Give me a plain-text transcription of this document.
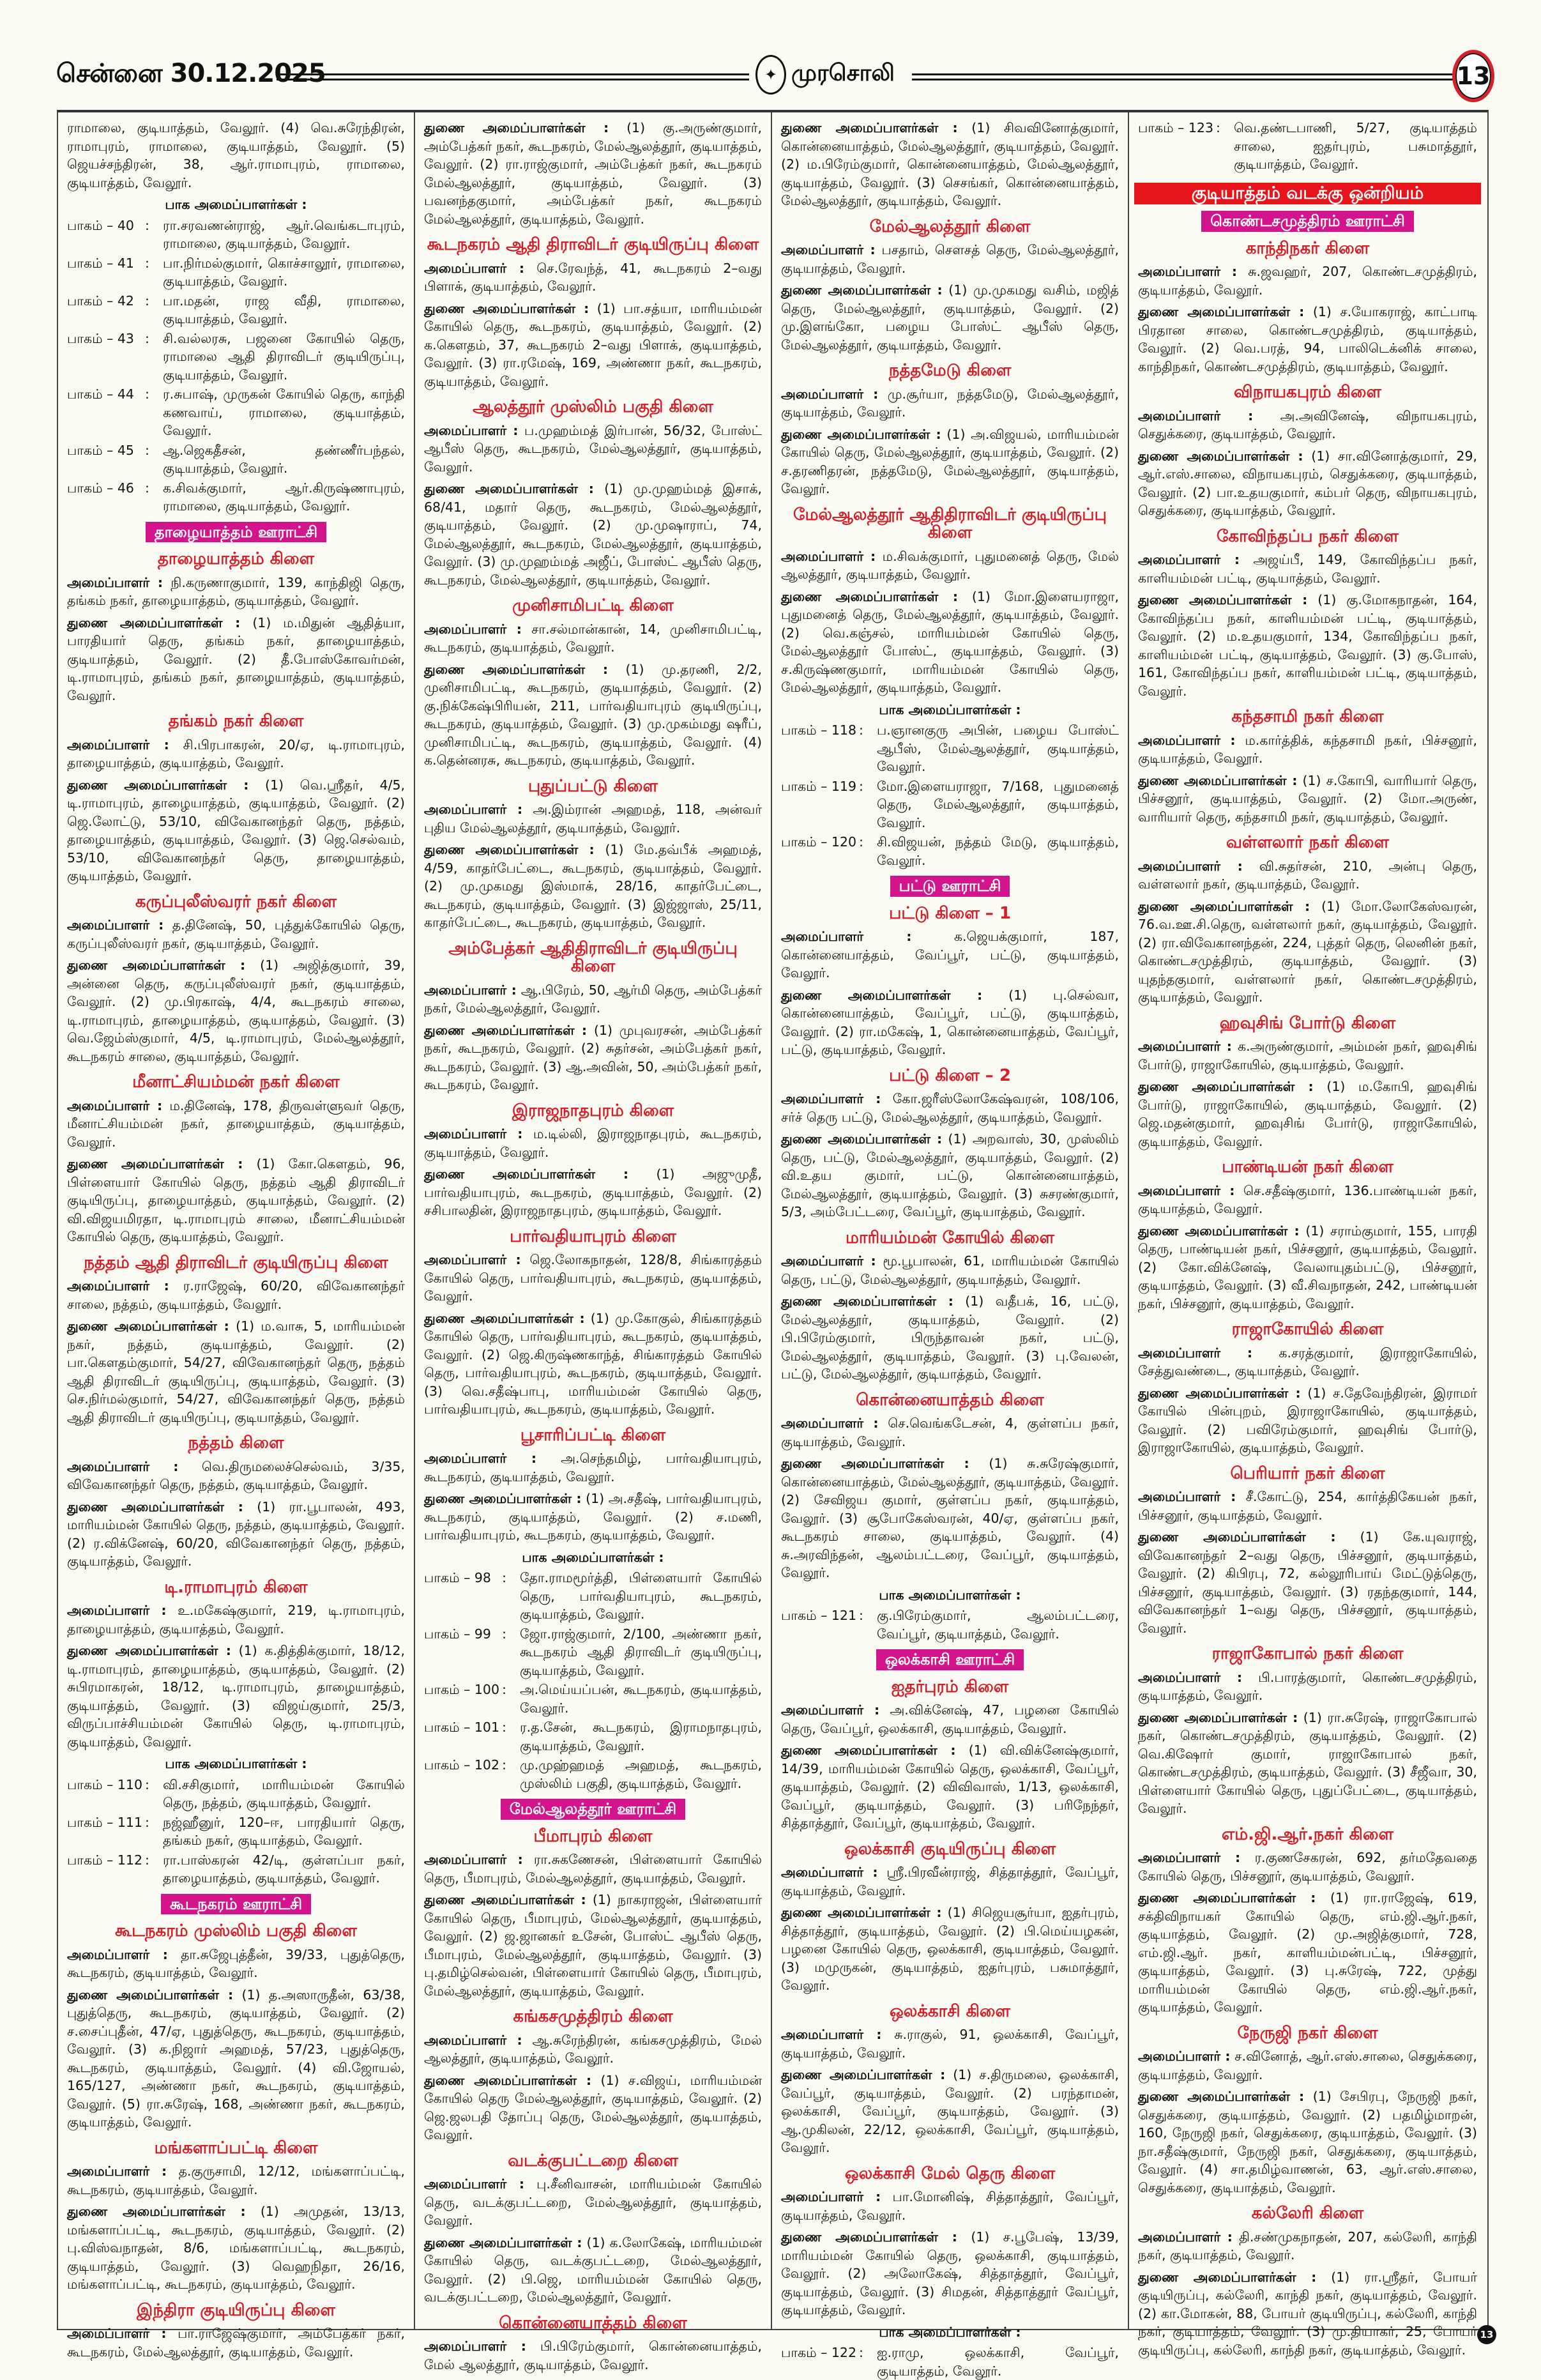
சென்னை 30.12.2025	✦ முரசொலி	13
ராமாலை, குடியாத்தம், வேலூர். (4) வெ.சுரேந்திரன், ராமாபுரம், ராமாலை, குடியாத்தம், வேலூர். (5) ஜெயச்சந்திரன், 38, ஆர்.ராமாபுரம், ராமாலை, குடியாத்தம், வேலூர்.
பாக அமைப்பாளர்கள் :
பாகம் – 40 :	ரா.சரவணன்ராஜ், ஆர்.வெங்கடாபுரம், ராமாலை, குடியாத்தம், வேலூர்.
பாகம் – 41 :	பா.நிர்மல்குமார், கொச்சாலூர், ராமாலை, குடியாத்தம், வேலூர்.
பாகம் – 42 :	பா.மதன், ராஜ வீதி, ராமாலை, குடியாத்தம், வேலூர்.
பாகம் – 43 :	சி.வல்லரசு, பஜனை கோயில் தெரு, ராமாலை ஆதி திராவிடர் குடியிருப்பு, குடியாத்தம், வேலூர்.
பாகம் – 44 :	ர.சுபாஷ், முருகன் கோயில் தெரு, காந்தி கணவாய், ராமாலை, குடியாத்தம், வேலூர்.
பாகம் – 45 :	ஆ.ஜெகதீசன், தண்ணீர்பந்தல், குடியாத்தம், வேலூர்.
பாகம் – 46 :	க.சிவக்குமார், ஆர்.கிருஷ்ணாபுரம், ராமாலை, குடியாத்தம், வேலூர்.
தாழையாத்தம் ஊராட்சி
தாழையாத்தம் கிளை
அமைப்பாளர் : நி.கருணாகுமார், 139, காந்திஜி தெரு, தங்கம் நகர், தாழையாத்தம், குடியாத்தம், வேலூர்.
துணை அமைப்பாளர்கள் : (1) ம.மிதுன் ஆதித்யா, பாரதியார் தெரு, தங்கம் நகர், தாழையாத்தம், குடியாத்தம், வேலூர். (2) தீ.போஸ்கோவர்மன், டி.ராமாபுரம், தங்கம் நகர், தாழையாத்தம், குடியாத்தம், வேலூர்.
தங்கம் நகர் கிளை
அமைப்பாளர் : சி.பிரபாகரன், 20/ஏ, டி.ராமாபுரம், தாழையாத்தம், குடியாத்தம், வேலூர்.
துணை அமைப்பாளர்கள் : (1) வெ.ஸ்ரீதர், 4/5, டி.ராமாபுரம், தாழையாத்தம், குடியாத்தம், வேலூர். (2) ஜெ.லோட்டு, 53/10, விவேகானந்தர் தெரு, நத்தம், தாழையாத்தம், குடியாத்தம், வேலூர். (3) ஜெ.செல்வம், 53/10, விவேகானந்தர் தெரு, தாழையாத்தம், குடியாத்தம், வேலூர்.
கருப்புலீஸ்வரர் நகர் கிளை
அமைப்பாளர் : த.தினேஷ், 50, புத்துக்கோயில் தெரு, கருப்புலீஸ்வரர் நகர், குடியாத்தம், வேலூர்.
துணை அமைப்பாளர்கள் : (1) அஜித்குமார், 39, அன்னை தெரு, கருப்புலீஸ்வரர் நகர், குடியாத்தம், வேலூர். (2) மு.பிரகாஷ், 4/4, கூடநகரம் சாலை, டி.ராமாபுரம், தாழையாத்தம், குடியாத்தம், வேலூர். (3) வெ.ஜேம்ஸ்குமார், 4/5, டி.ராமாபுரம், மேல்ஆலத்தூர், கூடநகரம் சாலை, குடியாத்தம், வேலூர்.
மீனாட்சியம்மன் நகர் கிளை
அமைப்பாளர் : ம.தினேஷ், 178, திருவள்ளுவர் தெரு, மீனாட்சியம்மன் நகர், தாழையாத்தம், குடியாத்தம், வேலூர்.
துணை அமைப்பாளர்கள் : (1) கோ.கௌதம், 96, பிள்ளையார் கோயில் தெரு, நத்தம் ஆதி திராவிடர் குடியிருப்பு, தாழையாத்தம், குடியாத்தம், வேலூர். (2) வி.விஜயமிரதா, டி.ராமாபுரம் சாலை, மீனாட்சியம்மன் கோயில் தெரு, குடியாத்தம், வேலூர்.
நத்தம் ஆதி திராவிடர் குடியிருப்பு கிளை
அமைப்பாளர் : ர.ராஜேஷ், 60/20, விவேகானந்தர் சாலை, நத்தம், குடியாத்தம், வேலூர்.
துணை அமைப்பாளர்கள் : (1) ம.வாசு, 5, மாரியம்மன் நகர், நத்தம், குடியாத்தம், வேலூர். (2) பா.கௌதம்குமார், 54/27, விவேகானந்தர் தெரு, நத்தம் ஆதி திராவிடர் குடியிருப்பு, குடியாத்தம், வேலூர். (3) செ.நிர்மல்குமார், 54/27, விவேகானந்தர் தெரு, நத்தம் ஆதி திராவிடர் குடியிருப்பு, குடியாத்தம், வேலூர்.
நத்தம் கிளை
அமைப்பாளர் : வெ.திருமலைச்செல்வம், 3/35, விவேகானந்தர் தெரு, நத்தம், குடியாத்தம், வேலூர்.
துணை அமைப்பாளர்கள் : (1) ரா.பூபாலன், 493, மாரியம்மன் கோயில் தெரு, நத்தம், குடியாத்தம், வேலூர். (2) ர.விக்னேஷ், 60/20, விவேகானந்தர் தெரு, நத்தம், குடியாத்தம், வேலூர்.
டி.ராமாபுரம் கிளை
அமைப்பாளர் : உ.மகேஷ்குமார், 219, டி.ராமாபுரம், தாழையாத்தம், குடியாத்தம், வேலூர்.
துணை அமைப்பாளர்கள் : (1) க.தித்திக்குமார், 18/12, டி.ராமாபுரம், தாழையாத்தம், குடியாத்தம், வேலூர். (2) சுபிரமாகரன், 18/12, டி.ராமாபுரம், தாழையாத்தம், குடியாத்தம், வேலூர். (3) விஜய்குமார், 25/3, விருப்பாச்சியம்மன் கோயில் தெரு, டி.ராமாபுரம், குடியாத்தம், வேலூர்.
பாக அமைப்பாளர்கள் :
பாகம் – 110 :	வி.சசிகுமார், மாரியம்மன் கோயில் தெரு, நத்தம், குடியாத்தம், வேலூர்.
பாகம் – 111 :	நஜ்ஹீனுர், 120–ஈ, பாரதியார் தெரு, தங்கம் நகர், குடியாத்தம், வேலூர்.
பாகம் – 112 :	ரா.பாஸ்கரன் 42/டி, குள்ளப்பா நகர், தாழையாத்தம், குடியாத்தம், வேலூர்.
கூடநகரம் ஊராட்சி
கூடநகரம் முஸ்லிம் பகுதி கிளை
அமைப்பாளர் : தா.சுஜேபுத்தீன், 39/33, புதுத்தெரு, கூடநகரம், குடியாத்தம், வேலூர்.
துணை அமைப்பாளர்கள் : (1) த.அஸாருதீன், 63/38, புதுத்தெரு, கூடநகரம், குடியாத்தம், வேலூர். (2) ச.சைப்புதீன், 47/ஏ, புதுத்தெரு, கூடநகரம், குடியாத்தம், வேலூர். (3) க.நிஜார் அஹமத், 57/23, புதுத்தெரு, கூடநகரம், குடியாத்தம், வேலூர். (4) வி.ஜோயல், 165/127, அண்ணா நகர், கூடநகரம், குடியாத்தம், வேலூர். (5) ரா.சுரேஷ், 168, அண்ணா நகர், கூடநகரம், குடியாத்தம், வேலூர்.
மங்களாப்பட்டி கிளை
அமைப்பாளர் : த.குருசாமி, 12/12, மங்களாப்பட்டி, கூடநகரம், குடியாத்தம், வேலூர்.
துணை அமைப்பாளர்கள் : (1) அமுதன், 13/13, மங்களாப்பட்டி, கூடநகரம், குடியாத்தம், வேலூர். (2) பு.விஸ்வநாதன், 8/6, மங்களாப்பட்டி, கூடநகரம், குடியாத்தம், வேலூர். (3) வெஹநிதா, 26/16, மங்களாப்பட்டி, கூடநகரம், குடியாத்தம், வேலூர்.
இந்திரா குடியிருப்பு கிளை
அமைப்பாளர் : பா.ராஜேஷ்குமார், அம்பேத்கர் நகர், கூடநகரம், மேல்ஆலத்தூர், குடியாத்தம், வேலூர்.
துணை அமைப்பாளர்கள் : (1) கு.அருண்குமார், அம்பேத்கர் நகர், கூடநகரம், மேல்ஆலத்தூர், குடியாத்தம், வேலூர். (2) ரா.ராஜ்குமார், அம்பேத்கர் நகர், கூடநகரம் மேல்ஆலத்தூர், குடியாத்தம், வேலூர். (3) பவனந்தகுமார், அம்பேத்கர் நகர், கூடநகரம் மேல்ஆலத்தூர், குடியாத்தம், வேலூர்.
கூடநகரம் ஆதி திராவிடர் குடியிருப்பு கிளை
அமைப்பாளர் : செ.ரேவந்த், 41, கூடநகரம் 2–வது பிளாக், குடியாத்தம், வேலூர்.
துணை அமைப்பாளர்கள் : (1) பா.சத்யா, மாரியம்மன் கோயில் தெரு, கூடநகரம், குடியாத்தம், வேலூர். (2) க.கௌதம், 37, கூடநகரம் 2–வது பிளாக், குடியாத்தம், வேலூர். (3) ரா.ரமேஷ், 169, அண்ணா நகர், கூடநகரம், குடியாத்தம், வேலூர்.
ஆலத்தூர் முஸ்லிம் பகுதி கிளை
அமைப்பாளர் : ப.முஹம்மத் இர்பான், 56/32, போஸ்ட் ஆபீஸ் தெரு, கூடநகரம், மேல்ஆலத்தூர், குடியாத்தம், வேலூர்.
துணை அமைப்பாளர்கள் : (1) மு.முஹம்மத் இசாக், 68/41, மதார் தெரு, கூடநகரம், மேல்ஆலத்தூர், குடியாத்தம், வேலூர். (2) மு.முஷாராப், 74, மேல்ஆலத்தூர், கூடநகரம், மேல்ஆலத்தூர், குடியாத்தம், வேலூர். (3) மு.முஹம்மத் அஜீப், போஸ்ட் ஆபீஸ் தெரு, கூடநகரம், மேல்ஆலத்தூர், குடியாத்தம், வேலூர்.
முனிசாமிபட்டி கிளை
அமைப்பாளர் : சா.சல்மான்கான், 14, முனிசாமிபட்டி, கூடநகரம், குடியாத்தம், வேலூர்.
துணை அமைப்பாளர்கள் : (1) மு.தரணி, 2/2, முனிசாமிபட்டி, கூடநகரம், குடியாத்தம், வேலூர். (2) கு.நிக்கேஷ்பிரியன், 211, பார்வதியாபுரம் குடியிருப்பு, கூடநகரம், குடியாத்தம், வேலூர். (3) மு.முகம்மது ஷரீப், முனிசாமிபட்டி, கூடநகரம், குடியாத்தம், வேலூர். (4) க.தென்னரசு, கூடநகரம், குடியாத்தம், வேலூர்.
புதுப்பட்டு கிளை
அமைப்பாளர் : அ.இம்ரான் அஹமத், 118, அன்வர் புதிய மேல்ஆலத்தூர், குடியாத்தம், வேலூர்.
துணை அமைப்பாளர்கள் : (1) மே.தவ்பீக் அஹமத், 4/59, காதர்பேட்டை, கூடநகரம், குடியாத்தம், வேலூர். (2) மு.முகமது இஸ்மாக், 28/16, காதர்பேட்டை, கூடநகரம், குடியாத்தம், வேலூர். (3) இஜ்ஜாஸ், 25/11, காதர்பேட்டை, கூடநகரம், குடியாத்தம், வேலூர்.
அம்பேத்கர் ஆதிதிராவிடர் குடியிருப்பு கிளை
அமைப்பாளர் : ஆ.பிரேம், 50, ஆர்மி தெரு, அம்பேத்கர் நகர், மேல்ஆலத்தூர், வேலூர்.
துணை அமைப்பாளர்கள் : (1) முபுவரசன், அம்பேத்கர் நகர், கூடநகரம், வேலூர். (2) சுதர்சன், அம்பேத்கர் நகர், கூடநகரம், வேலூர். (3) ஆ.அவின், 50, அம்பேத்கர் நகர், கூடநகரம், வேலூர்.
இராஜநாதபுரம் கிளை
அமைப்பாளர் : ம.டில்லி, இராஜநாதபுரம், கூடநகரம், குடியாத்தம், வேலூர்.
துணை அமைப்பாளர்கள் : (1) அஜுமுதீ, பார்வதியாபுரம், கூடநகரம், குடியாத்தம், வேலூர். (2) சசிபாலதின், இராஜநாதபுரம், குடியாத்தம், வேலூர்.
பார்வதியாபுரம் கிளை
அமைப்பாளர் : ஜெ.லோகநாதன், 128/8, சிங்காரத்தம் கோயில் தெரு, பார்வதியாபுரம், கூடநகரம், குடியாத்தம், வேலூர்.
துணை அமைப்பாளர்கள் : (1) மு.கோகுல், சிங்காரத்தம் கோயில் தெரு, பார்வதியாபுரம், கூடநகரம், குடியாத்தம், வேலூர். (2) ஜெ.கிருஷ்ணகாந்த், சிங்காரத்தம் கோயில் தெரு, பார்வதியாபுரம், கூடநகரம், குடியாத்தம், வேலூர். (3) வெ.சதீஷ்பாபு, மாரியம்மன் கோயில் தெரு, பார்வதியாபுரம், கூடநகரம், குடியாத்தம், வேலூர்.
பூசாரிப்பட்டி கிளை
அமைப்பாளர் : அ.செந்தமிழ், பார்வதியாபுரம், கூடநகரம், குடியாத்தம், வேலூர்.
துணை அமைப்பாளர்கள் : (1) அ.சதீஷ், பார்வதியாபுரம், கூடநகரம், குடியாத்தம், வேலூர். (2) ச.மணி, பார்வதியாபுரம், கூடநகரம், குடியாத்தம், வேலூர்.
பாக அமைப்பாளர்கள் :
பாகம் – 98 :	தோ.ராமமூர்த்தி, பிள்ளையார் கோயில் தெரு, பார்வதியாபுரம், கூடநகரம், குடியாத்தம், வேலூர்.
பாகம் – 99 :	ஜோ.ராஜ்குமார், 2/100, அண்ணா நகர், கூடநகரம் ஆதி திராவிடர் குடியிருப்பு, குடியாத்தம், வேலூர்.
பாகம் – 100 :	அ.மெய்யப்பன், கூடநகரம், குடியாத்தம், வேலூர்.
பாகம் – 101 :	ர.த.சேன், கூடநகரம், இராமநாதபுரம், குடியாத்தம், வேலூர்.
பாகம் – 102 :	மு.முஹ்ஹமத் அஹமத், கூடநகரம், முஸ்லிம் பகுதி, குடியாத்தம், வேலூர்.
மேல்ஆலத்தூர் ஊராட்சி
பீமாபுரம் கிளை
அமைப்பாளர் : ரா.சுகணேசன், பிள்ளையார் கோயில் தெரு, பீமாபுரம், மேல்ஆலத்தூர், குடியாத்தம், வேலூர்.
துணை அமைப்பாளர்கள் : (1) நாகராஜன், பிள்ளையார் கோயில் தெரு, பீமாபுரம், மேல்ஆலத்தூர், குடியாத்தம், வேலூர். (2) ஜ.ஜானகர் உசேன், போஸ்ட் ஆபீஸ் தெரு, பீமாபுரம், மேல்ஆலத்தூர், குடியாத்தம், வேலூர். (3) பு.தமிழ்செல்வன், பிள்ளையார் கோயில் தெரு, பீமாபுரம், மேல்ஆலத்தூர், குடியாத்தம், வேலூர்.
கங்கசமுத்திரம் கிளை
அமைப்பாளர் : ஆ.சுரேந்திரன், கங்கசமுத்திரம், மேல் ஆலத்தூர், குடியாத்தம், வேலூர்.
துணை அமைப்பாளர்கள் : (1) ச.விஜய், மாரியம்மன் கோயில் தெரு மேல்ஆலத்தூர், குடியாத்தம், வேலூர். (2) ஜெ.ஜலபதி தோப்பு தெரு, மேல்ஆலத்தூர், குடியாத்தம், வேலூர்.
வடக்குபட்டறை கிளை
அமைப்பாளர் : பு.சீனிவாசன், மாரியம்மன் கோயில் தெரு, வடக்குபட்டறை, மேல்ஆலத்தூர், குடியாத்தம், வேலூர்.
துணை அமைப்பாளர்கள் : (1) க.லோகேஷ், மாரியம்மன் கோயில் தெரு, வடக்குபட்டறை, மேல்ஆலத்தூர், வேலூர். (2) பி.ஜெ, மாரியம்மன் கோயில் தெரு, வடக்குபட்டறை, மேல்ஆலத்தூர், வேலூர்.
கொன்னையாத்தம் கிளை
அமைப்பாளர் : பி.பிரேம்குமார், கொன்னையாத்தம், மேல் ஆலத்தூர், குடியாத்தம், வேலூர்.
துணை அமைப்பாளர்கள் : (1) சிவவினோத்குமார், கொன்னையாத்தம், மேல்ஆலத்தூர், குடியாத்தம், வேலூர். (2) ம.பிரேம்குமார், கொன்னையாத்தம், மேல்ஆலத்தூர், குடியாத்தம், வேலூர். (3) செசங்கர், கொன்னையாத்தம், மேல்ஆலத்தூர், குடியாத்தம், வேலூர்.
மேல்ஆலத்தூர் கிளை
அமைப்பாளர் : பசதாம், சௌசத் தெரு, மேல்ஆலத்தூர், குடியாத்தம், வேலூர்.
துணை அமைப்பாளர்கள் : (1) மு.முகமது வசிம், மஜித் தெரு, மேல்ஆலத்தூர், குடியாத்தம், வேலூர். (2) மு.இளங்கோ, பழைய போஸ்ட் ஆபீஸ் தெரு, மேல்ஆலத்தூர், குடியாத்தம், வேலூர்.
நத்தமேடு கிளை
அமைப்பாளர் : மு.சூர்யா, நத்தமேடு, மேல்ஆலத்தூர், குடியாத்தம், வேலூர்.
துணை அமைப்பாளர்கள் : (1) அ.விஜயல், மாரியம்மன் கோயில் தெரு, மேல்ஆலத்தூர், குடியாத்தம், வேலூர். (2) ச.தரணிதரன், நத்தமேடு, மேல்ஆலத்தூர், குடியாத்தம், வேலூர்.
மேல்ஆலத்தூர் ஆதிதிராவிடர் குடியிருப்பு கிளை
அமைப்பாளர் : ம.சிவக்குமார், புதுமனைத் தெரு, மேல் ஆலத்தூர், குடியாத்தம், வேலூர்.
துணை அமைப்பாளர்கள் : (1) மோ.இளையராஜா, புதுமனைத் தெரு, மேல்ஆலத்தூர், குடியாத்தம், வேலூர். (2) வெ.கஞ்சல், மாரியம்மன் கோயில் தெரு, மேல்ஆலத்தூர் போஸ்ட், குடியாத்தம், வேலூர். (3) ச.கிருஷ்ணகுமார், மாரியம்மன் கோயில் தெரு, மேல்ஆலத்தூர், குடியாத்தம், வேலூர்.
பாக அமைப்பாளர்கள் :
பாகம் – 118 :	ப.ஞானகுரு அபின், பழைய போஸ்ட் ஆபீஸ், மேல்ஆலத்தூர், குடியாத்தம், வேலூர்.
பாகம் – 119 :	மோ.இளையராஜா, 7/168, புதுமனைத் தெரு, மேல்ஆலத்தூர், குடியாத்தம், வேலூர்.
பாகம் – 120 :	சி.விஜயன், நத்தம் மேடு, குடியாத்தம், வேலூர்.
பட்டு ஊராட்சி
பட்டு கிளை – 1
அமைப்பாளர் :	க.ஜெயக்குமார், 187, கொன்னையாத்தம், வேப்பூர், பட்டு, குடியாத்தம், வேலூர்.
துணை அமைப்பாளர்கள் : (1) பு.செல்வா, கொன்னையாத்தம், வேப்பூர், பட்டு, குடியாத்தம், வேலூர். (2) ரா.மகேஷ், 1, கொன்னையாத்தம், வேப்பூர், பட்டு, குடியாத்தம், வேலூர்.
பட்டு கிளை – 2
அமைப்பாளர் : கோ.ஜரீஸ்லோகேஷ்வரன், 108/106, சர்ச் தெரு பட்டு, மேல்ஆலத்தூர், குடியாத்தம், வேலூர்.
துணை அமைப்பாளர்கள் : (1) அறவாஸ், 30, முஸ்லிம் தெரு, பட்டு, மேல்ஆலத்தூர், குடியாத்தம், வேலூர். (2) வி.உதய குமார், பட்டு, கொன்னையாத்தம், மேல்ஆலத்தூர், குடியாத்தம், வேலூர். (3) சுசரண்குமார், 5/3, அம்பேட்டரை, வேப்பூர், குடியாத்தம், வேலூர்.
மாரியம்மன் கோயில் கிளை
அமைப்பாளர் : மூ.பூபாலன், 61, மாரியம்மன் கோயில் தெரு, பட்டு, மேல்ஆலத்தூர், குடியாத்தம், வேலூர்.
துணை அமைப்பாளர்கள் : (1) வதீபக், 16, பட்டு, மேல்ஆலத்தூர், குடியாத்தம், வேலூர். (2) பி.பிரேம்குமார், பிருந்தாவன் நகர், பட்டு, மேல்ஆலத்தூர், குடியாத்தம், வேலூர். (3) பு.வேலன், பட்டு, மேல்ஆலத்தூர், குடியாத்தம், வேலூர்.
கொன்னையாத்தம் கிளை
அமைப்பாளர் : செ.வெங்கடேசன், 4, குள்ளப்ப நகர், குடியாத்தம், வேலூர்.
துணை அமைப்பாளர்கள் : (1) சு.சுரேஷ்குமார், கொன்னையாத்தம், மேல்ஆலத்தூர், குடியாத்தம், வேலூர். (2) சேவிஜய குமார், குள்ளப்ப நகர், குடியாத்தம், வேலூர். (3) சூபோகேஸ்வரன், 40/ஏ, குள்ளப்ப நகர், கூடநகரம் சாலை, குடியாத்தம், வேலூர். (4) சு.அரவிந்தன், ஆலம்பட்டரை, வேப்பூர், குடியாத்தம், வேலூர்.
பாக அமைப்பாளர்கள் :
பாகம் – 121 :	கு.பிரேம்குமார், ஆலம்பட்டரை, வேப்பூர், குடியாத்தம், வேலூர்.
ஒலக்காசி ஊராட்சி
ஐதர்புரம் கிளை
அமைப்பாளர் : அ.விக்னேஷ், 47, பழனை கோயில் தெரு, வேப்பூர், ஒலக்காசி, குடியாத்தம், வேலூர்.
துணை அமைப்பாளர்கள் : (1) வி.விக்னேஷ்குமார், 14/39, மாரியம்மன் கோயில் தெரு, ஒலக்காசி, வேப்பூர், குடியாத்தம், வேலூர். (2) விவிவாஸ், 1/13, ஒலக்காசி, வேப்பூர், குடியாத்தம், வேலூர். (3) பரிநேந்தர், சித்தாத்தூர், வேப்பூர், குடியாத்தம், வேலூர்.
ஒலக்காசி குடியிருப்பு கிளை
அமைப்பாளர் : ஸ்ரீ.பிரவீன்ராஜ், சித்தாத்தூர், வேப்பூர், குடியாத்தம், வேலூர்.
துணை அமைப்பாளர்கள் : (1) சிஜெயசூர்யா, ஐதர்புரம், சித்தாத்தூர், குடியாத்தம், வேலூர். (2) பி.மெய்யழகன், பழனை கோயில் தெரு, ஒலக்காசி, குடியாத்தம், வேலூர். (3) மமுருகன், குடியாத்தம், ஐதர்புரம், பசுமாத்தூர், வேலூர்.
ஒலக்காசி கிளை
அமைப்பாளர் : சு.ராகுல், 91, ஒலக்காசி, வேப்பூர், குடியாத்தம், வேலூர்.
துணை அமைப்பாளர்கள் : (1) ச.திருமலை, ஒலக்காசி, வேப்பூர், குடியாத்தம், வேலூர். (2) பரந்தாமன், ஒலக்காசி, வேப்பூர், குடியாத்தம், வேலூர். (3) ஆ.முகிலன், 22/12, ஒலக்காசி, வேப்பூர், குடியாத்தம், வேலூர்.
ஒலக்காசி மேல் தெரு கிளை
அமைப்பாளர் : பா.மோனிஷ், சித்தாத்தூர், வேப்பூர், குடியாத்தம், வேலூர்.
துணை அமைப்பாளர்கள் : (1) ச.பூபேஷ், 13/39, மாரியம்மன் கோயில் தெரு, ஒலக்காசி, குடியாத்தம், வேலூர். (2) அலோகேஷ், சித்தாத்தூர், வேப்பூர், குடியாத்தம், வேலூர். (3) சிமதன், சித்தாத்தூர் வேப்பூர், குடியாத்தம், வேலூர்.
பாக அமைப்பாளர்கள் :
பாகம் – 122 :	ஐ.ராமு, ஒலக்காசி, வேப்பூர், குடியாத்தம், வேலூர்.
பாகம் – 123 :	வெ.தண்டபாணி, 5/27, குடியாத்தம் சாலை, ஐதர்புரம், பசுமாத்தூர், குடியாத்தம், வேலூர்.
குடியாத்தம் வடக்கு ஒன்றியம்
கொண்டசமுத்திரம் ஊராட்சி
காந்திநகர் கிளை
அமைப்பாளர் : சு.ஜவஹர், 207, கொண்டசமுத்திரம், குடியாத்தம், வேலூர்.
துணை அமைப்பாளர்கள் : (1) ச.யோகராஜ், காட்பாடி பிரதான சாலை, கொண்டசமுத்திரம், குடியாத்தம், வேலூர். (2) வெ.பரத், 94, பாலிடெக்னிக் சாலை, காந்திநகர், கொண்டசமுத்திரம், குடியாத்தம், வேலூர்.
விநாயகபுரம் கிளை
அமைப்பாளர் : அ.அவினேஷ், விநாயகபுரம், செதுக்கரை, குடியாத்தம், வேலூர்.
துணை அமைப்பாளர்கள் : (1) சா.வினோத்குமார், 29, ஆர்.எஸ்.சாலை, விநாயகபுரம், செதுக்கரை, குடியாத்தம், வேலூர். (2) பா.உதயகுமார், கம்பர் தெரு, விநாயகபுரம், செதுக்கரை, குடியாத்தம், வேலூர்.
கோவிந்தப்ப நகர் கிளை
அமைப்பாளர் : அஜய்பீ, 149, கோவிந்தப்ப நகர், காளியம்மன் பட்டி, குடியாத்தம், வேலூர்.
துணை அமைப்பாளர்கள் : (1) கு.மோகநாதன், 164, கோவிந்தப்ப நகர், காளியம்மன் பட்டி, குடியாத்தம், வேலூர். (2) ம.உதயகுமார், 134, கோவிந்தப்ப நகர், காளியம்மன் பட்டி, குடியாத்தம், வேலூர். (3) கு.போஸ், 161, கோவிந்தப்ப நகர், காளியம்மன் பட்டி, குடியாத்தம், வேலூர்.
கந்தசாமி நகர் கிளை
அமைப்பாளர் : ம.கார்த்திக், கந்தசாமி நகர், பிச்சனூர், குடியாத்தம், வேலூர்.
துணை அமைப்பாளர்கள் : (1) ச.கோபி, வாரியார் தெரு, பிச்சனூர், குடியாத்தம், வேலூர். (2) மோ.அருண், வாரியார் தெரு, கந்தசாமி நகர், குடியாத்தம், வேலூர்.
வள்ளலார் நகர் கிளை
அமைப்பாளர் : வி.சுதர்சன், 210, அன்பு தெரு, வள்ளலார் நகர், குடியாத்தம், வேலூர்.
துணை அமைப்பாளர்கள் : (1) மோ.லோகேஸ்வரன், 76.வ.ஊ.சி.தெரு, வள்ளலார் நகர், குடியாத்தம், வேலூர். (2) ரா.விவேகானந்தன், 224, புத்தர் தெரு, லெனின் நகர், கொண்டசமுத்திரம், குடியாத்தம், வேலூர். (3) யுதந்தகுமார், வள்ளலார் நகர், கொண்டசமுத்திரம், குடியாத்தம், வேலூர்.
ஹவுசிங் போர்டு கிளை
அமைப்பாளர் : க.அருண்குமார், அம்மன் நகர், ஹவுசிங் போர்டு, ராஜாகோயில், குடியாத்தம், வேலூர்.
துணை அமைப்பாளர்கள் : (1) ம.கோபி, ஹவுசிங் போர்டு, ராஜாகோயில், குடியாத்தம், வேலூர். (2) ஜெ.மதன்குமார், ஹவுசிங் போர்டு, ராஜாகோயில், குடியாத்தம், வேலூர்.
பாண்டியன் நகர் கிளை
அமைப்பாளர் : செ.சதீஷ்குமார், 136.பாண்டியன் நகர், குடியாத்தம், வேலூர்.
துணை அமைப்பாளர்கள் : (1) சராம்குமார், 155, பாரதி தெரு, பாண்டியன் நகர், பிச்சனூர், குடியாத்தம், வேலூர். (2) கோ.விக்னேஷ், வேலாயுதம்பட்டு, பிச்சனூர், குடியாத்தம், வேலூர். (3) வீ.சிவநாதன், 242, பாண்டியன் நகர், பிச்சனூர், குடியாத்தம், வேலூர்.
ராஜாகோயில் கிளை
அமைப்பாளர் : க.சரத்குமார், இராஜாகோயில், சேத்துவண்டை, குடியாத்தம், வேலூர்.
துணை அமைப்பாளர்கள் : (1) ச.தேவேந்திரன், இராமர் கோயில் பின்புறம், இராஜாகோயில், குடியாத்தம், வேலூர். (2) பவிரேம்குமார், ஹவுசிங் போர்டு, இராஜாகோயில், குடியாத்தம், வேலூர்.
பெரியார் நகர் கிளை
அமைப்பாளர் : சீ.கோட்டு, 254, கார்த்திகேயன் நகர், பிச்சனூர், குடியாத்தம், வேலூர்.
துணை அமைப்பாளர்கள் : (1) கே.யுவராஜ், விவேகானந்தர் 2–வது தெரு, பிச்சனூர், குடியாத்தம், வேலூர். (2) கிபிரபு, 72, கல்லூரிபாய் மேட்டுத்தெரு, பிச்சனூர், குடியாத்தம், வேலூர். (3) ரதந்தகுமார், 144, விவேகானந்தர் 1–வது தெரு, பிச்சனூர், குடியாத்தம், வேலூர்.
ராஜாகோபால் நகர் கிளை
அமைப்பாளர் : பி.பாரத்குமார், கொண்டசமுத்திரம், குடியாத்தம், வேலூர்.
துணை அமைப்பாளர்கள் : (1) ரா.சுரேஷ், ராஜாகோபால் நகர், கொண்டசமுத்திரம், குடியாத்தம், வேலூர். (2) வெ.கிஷோர் குமார், ராஜாகோபால் நகர், கொண்டசமுத்திரம், குடியாத்தம், வேலூர். (3) சீஜீவா, 30, பிள்ளையார் கோயில் தெரு, புதுப்பேட்டை, குடியாத்தம், வேலூர்.
எம்.ஜி.ஆர்.நகர் கிளை
அமைப்பாளர் : ர.குணசேகரன், 692, தர்மதேவதை கோயில் தெரு, பிச்சனூர், குடியாத்தம், வேலூர்.
துணை அமைப்பாளர்கள் : (1) ரா.ராஜேஷ், 619, சக்திவிநாயகர் கோயில் தெரு, எம்.ஜி.ஆர்.நகர், குடியாத்தம், வேலூர். (2) மு.அஜித்குமார், 728, எம்.ஜி.ஆர். நகர், காளியம்மன்பட்டி, பிச்சனூர், குடியாத்தம், வேலூர். (3) பு.சுரேஷ், 722, முத்து மாரியம்மன் கோயில் தெரு, எம்.ஜி.ஆர்.நகர், குடியாத்தம், வேலூர்.
நேருஜி நகர் கிளை
அமைப்பாளர் : ச.வினோத், ஆர்.எஸ்.சாலை, செதுக்கரை, குடியாத்தம், வேலூர்.
துணை அமைப்பாளர்கள் : (1) சேபிரபு, நேருஜி நகர், செதுக்கரை, குடியாத்தம், வேலூர். (2) பதமிழ்மாறன், 160, நேருஜி நகர், செதுக்கரை, குடியாத்தம், வேலூர். (3) நா.சதீஷ்குமார், நேருஜி நகர், செதுக்கரை, குடியாத்தம், வேலூர். (4) சா.தமிழ்வாணன், 63, ஆர்.எஸ்.சாலை, செதுக்கரை, குடியாத்தம், வேலூர்.
கல்லேரி கிளை
அமைப்பாளர் : தி.சண்முகநாதன், 207, கல்லேரி, காந்தி நகர், குடியாத்தம், வேலூர்.
துணை அமைப்பாளர்கள் : (1) ரா.ஸ்ரீதர், போயர் குடியிருப்பு, கல்லேரி, காந்தி நகர், குடியாத்தம், வேலூர். (2) கா.மோகன், 88, போயர் குடியிருப்பு, கல்லேரி, காந்தி நகர், குடியாத்தம், வேலூர். (3) மு.தியாகர், 25, போயர் குடியிருப்பு, கல்லேரி, காந்தி நகர், குடியாத்தம், வேலூர்.
13
